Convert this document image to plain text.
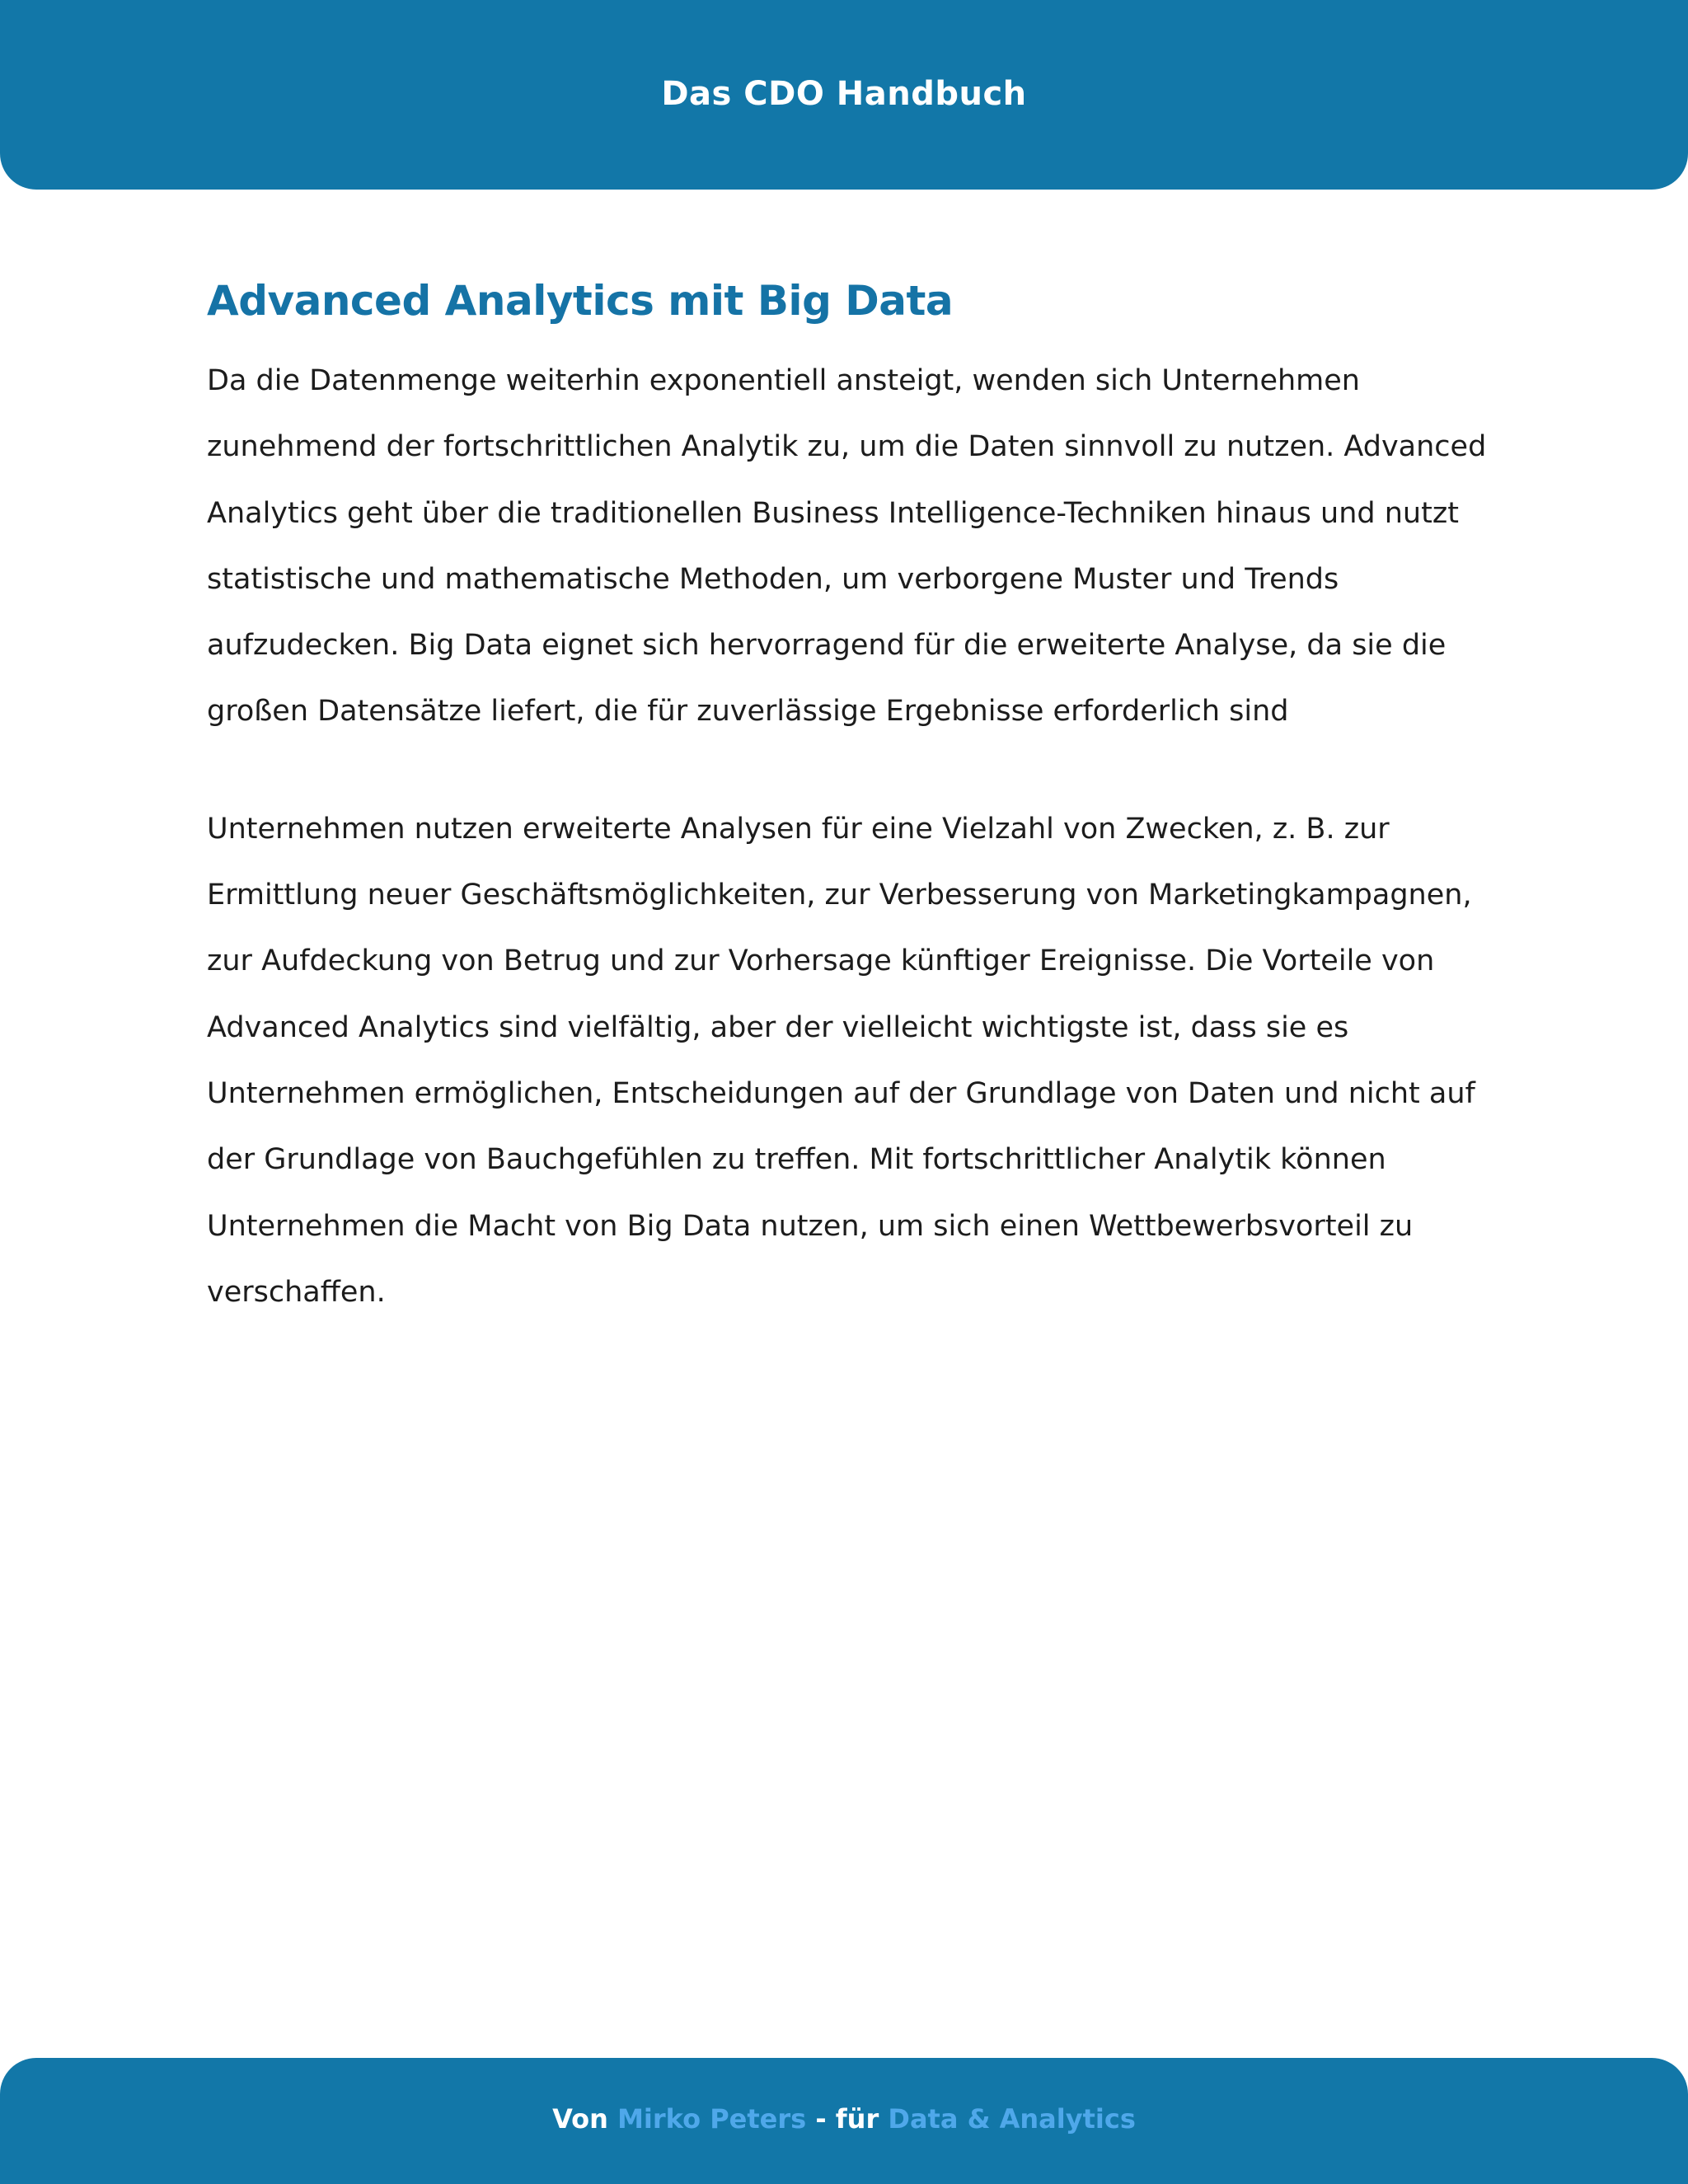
Das CDO Handbuch
Advanced Analytics mit Big Data

Da die Datenmenge weiterhin exponentiell ansteigt, wenden sich Unternehmen zunehmend der fortschrittlichen Analytik zu, um die Daten sinnvoll zu nutzen. Advanced Analytics geht über die traditionellen Business Intelligence-Techniken hinaus und nutzt statistische und mathematische Methoden, um verborgene Muster und Trends aufzudecken. Big Data eignet sich hervorragend für die erweiterte Analyse, da sie die großen Datensätze liefert, die für zuverlässige Ergebnisse erforderlich sind

Unternehmen nutzen erweiterte Analysen für eine Vielzahl von Zwecken, z. B. zur Ermittlung neuer Geschäftsmöglichkeiten, zur Verbesserung von Marketingkampagnen, zur Aufdeckung von Betrug und zur Vorhersage künftiger Ereignisse. Die Vorteile von Advanced Analytics sind vielfältig, aber der vielleicht wichtigste ist, dass sie es Unternehmen ermöglichen, Entscheidungen auf der Grundlage von Daten und nicht auf der Grundlage von Bauchgefühlen zu treffen. Mit fortschrittlicher Analytik können Unternehmen die Macht von Big Data nutzen, um sich einen Wettbewerbsvorteil zu verschaffen.

Von Mirko Peters - für Data & Analytics
